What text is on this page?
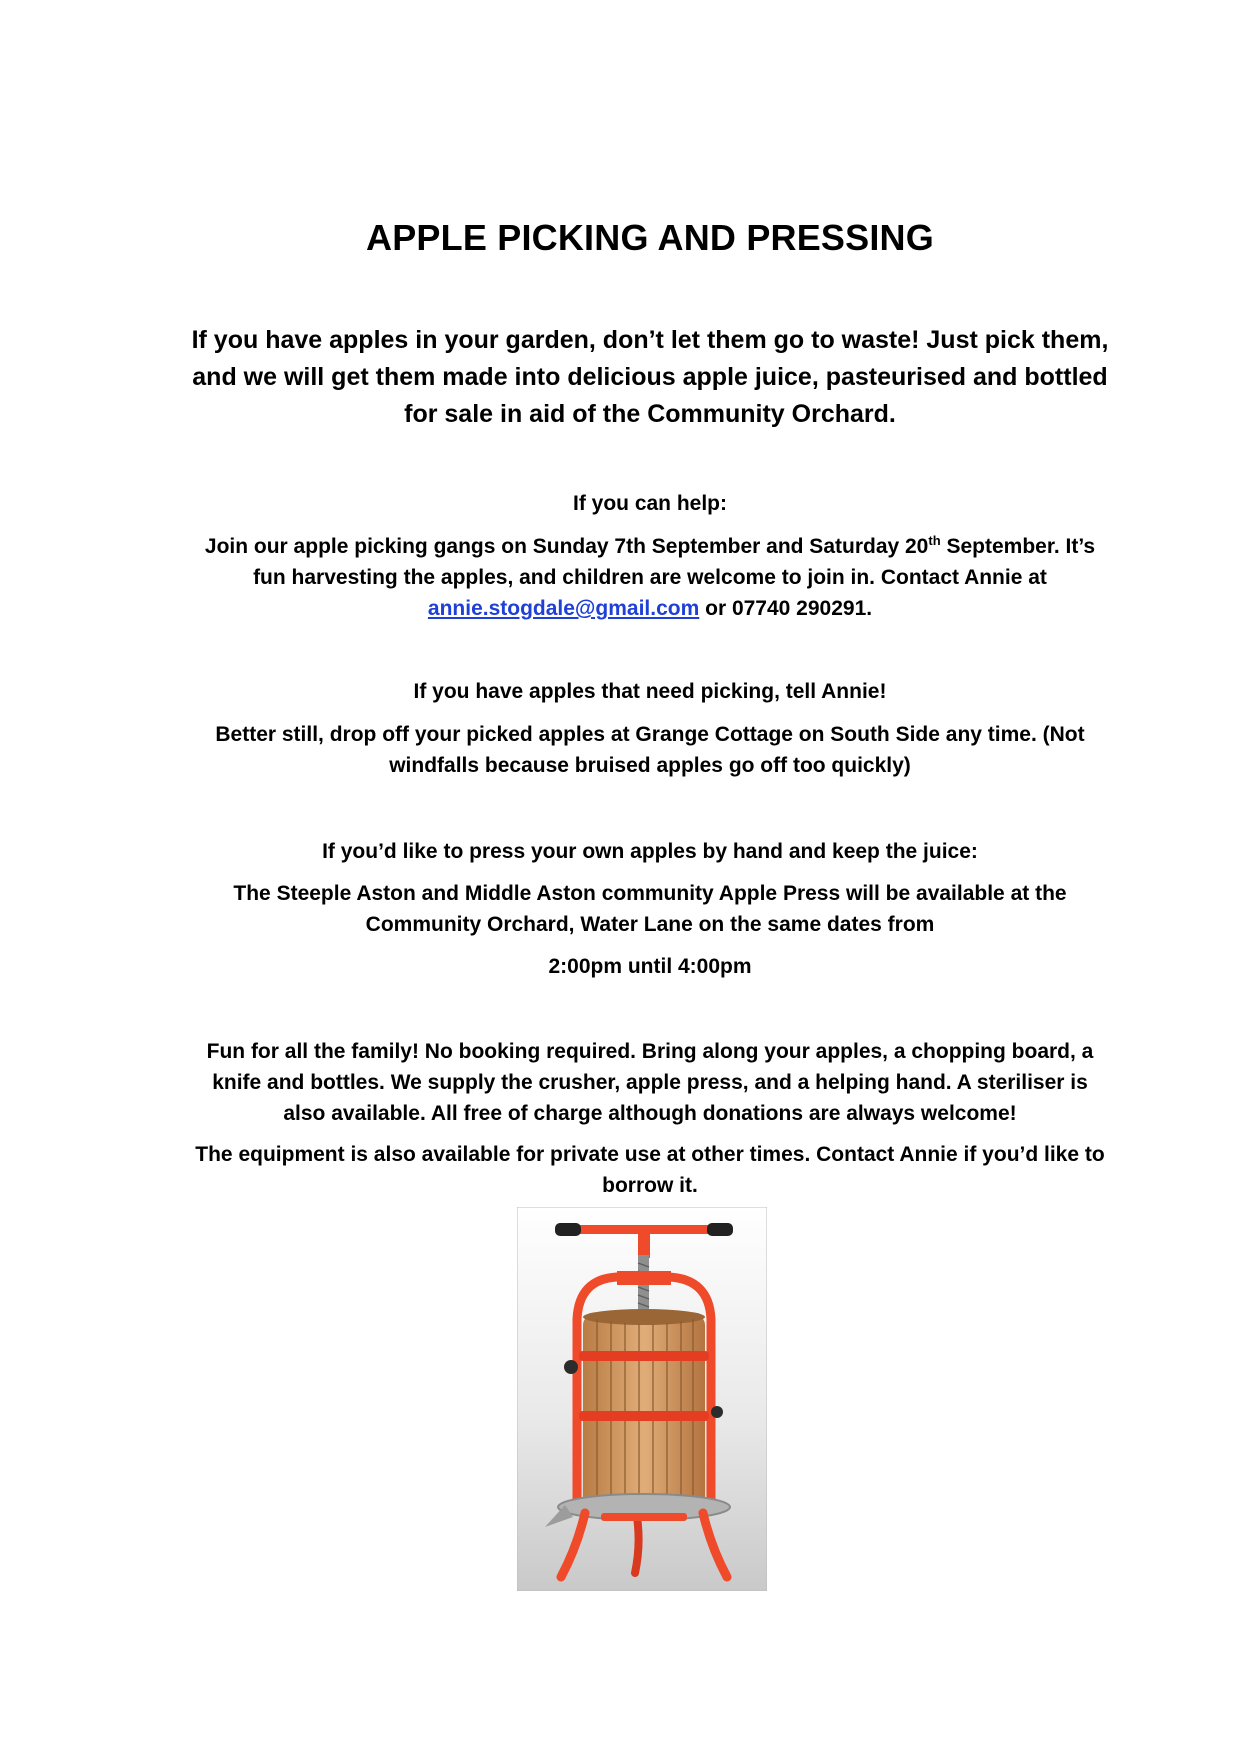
APPLE PICKING AND PRESSING
If you have apples in your garden, don’t let them go to waste! Just pick them,
and we will get them made into delicious apple juice, pasteurised and bottled
for sale in aid of the Community Orchard.
If you can help:
Join our apple picking gangs on Sunday 7th September and Saturday 20th September. It’s
fun harvesting the apples, and children are welcome to join in. Contact Annie at
annie.stogdale@gmail.com or 07740 290291.
If you have apples that need picking, tell Annie!
Better still, drop off your picked apples at Grange Cottage on South Side any time. (Not
windfalls because bruised apples go off too quickly)
If you’d like to press your own apples by hand and keep the juice:
The Steeple Aston and Middle Aston community Apple Press will be available at the
Community Orchard, Water Lane on the same dates from
2:00pm until 4:00pm
Fun for all the family! No booking required. Bring along your apples, a chopping board, a
knife and bottles. We supply the crusher, apple press, and a helping hand. A steriliser is
also available. All free of charge although donations are always welcome!
The equipment is also available for private use at other times. Contact Annie if you’d like to
borrow it.
